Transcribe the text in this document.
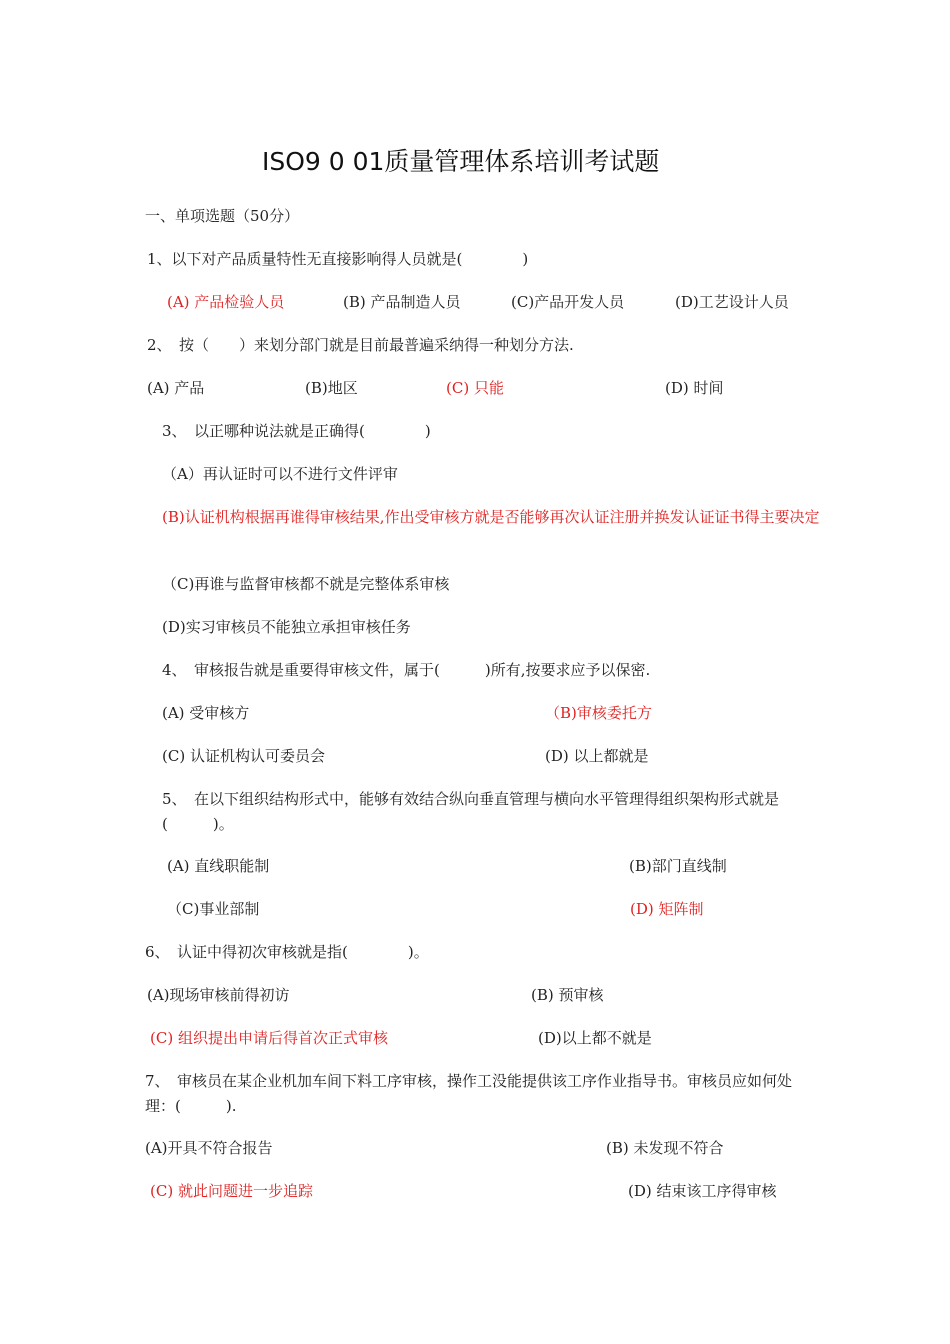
ISO9 0 01质量管理体系培训考试题
一、单项选题（50分）
1、以下对产品质量特性无直接影响得人员就是(　　　　)
(A) 产品检验人员	(B) 产品制造人员	(C)产品开发人员	(D)工艺设计人员
2、　按（　　）来划分部门就是目前最普遍采纳得一种划分方法.
(A) 产品	(B)地区	(C) 只能	(D) 时间
3、　以正哪种说法就是正确得(　　　　)
（A）再认证时可以不进行文件评审
(B)认证机构根据再谁得审核结果,作出受审核方就是否能够再次认证注册并换发认证证书得主要决定
（C)再谁与监督审核都不就是完整体系审核
(D)实习审核员不能独立承担审核任务
4、　审核报告就是重要得审核文件，属于(　　　)所有,按要求应予以保密.
(A) 受审核方	（B)审核委托方
(C) 认证机构认可委员会	(D) 以上都就是
5、　在以下组织结构形式中，能够有效结合纵向垂直管理与横向水平管理得组织架构形式就是(　　　)。
(A) 直线职能制	(B)部门直线制
（C)事业部制	(D) 矩阵制
6、　认证中得初次审核就是指(　　　　)。
(A)现场审核前得初访	(B) 预审核
(C) 组织提出申请后得首次正式审核	(D)以上都不就是
7、　审核员在某企业机加车间下料工序审核，操作工没能提供该工序作业指导书。审核员应如何处理：(　　　).
(A)开具不符合报告	(B) 未发现不符合
(C) 就此问题进一步追踪	(D) 结束该工序得审核
